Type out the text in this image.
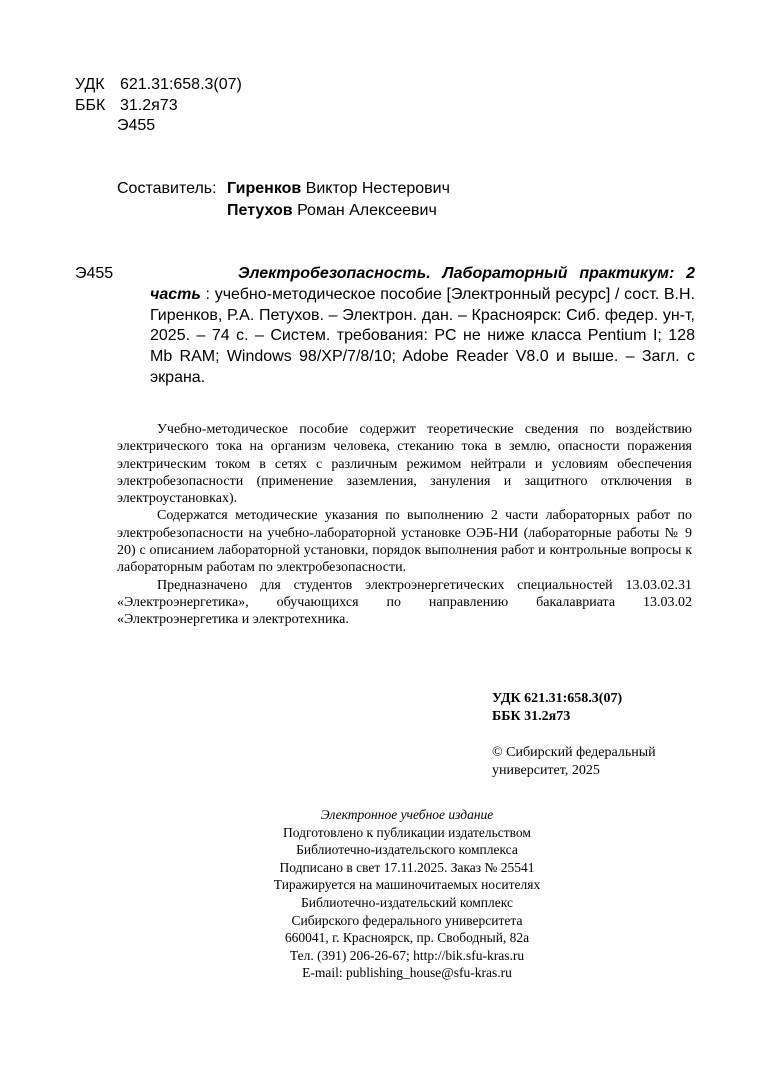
УДК 621.31:658.3(07)
ББК 31.2я73
Э455
Составитель: Гиренков Виктор Нестерович
Петухов Роман Алексеевич
Э455	Электробезопасность. Лабораторный практикум: 2 часть : учебно-методическое пособие [Электронный ресурс] / сост. В.Н. Гиренков, Р.А. Петухов. – Электрон. дан. – Красноярск: Сиб. федер. ун-т, 2025. – 74 с. – Систем. требования: PC не ниже класса Pentium I; 128 Mb RAM; Windows 98/XP/7/8/10; Adobe Reader V8.0 и выше. – Загл. с экрана.

Учебно-методическое пособие содержит теоретические сведения по воздействию электрического тока на организм человека, стеканию тока в землю, опасности поражения электрическим током в сетях с различным режимом нейтрали и условиям обеспечения электробезопасности (применение заземления, зануления и защитного отключения в электроустановках).

Содержатся методические указания по выполнению 2 части лабораторных работ по электробезопасности на учебно-лабораторной установке ОЭБ-НИ (лабораторные работы № 9 20) с описанием лабораторной установки, порядок выполнения работ и контрольные вопросы к лабораторным работам по электробезопасности.

Предназначено для студентов электроэнергетических специальностей 13.03.02.31 «Электроэнергетика», обучающихся по направлению бакалавриата 13.03.02 «Электроэнергетика и электротехника.

УДК 621.31:658.3(07)
ББК 31.2я73
© Сибирский федеральный
университет, 2025
Электронное учебное издание
Подготовлено к публикации издательством
Библиотечно-издательского комплекса
Подписано в свет 17.11.2025. Заказ № 25541
Тиражируется на машиночитаемых носителях
Библиотечно-издательский комплекс
Сибирского федерального университета
660041, г. Красноярск, пр. Свободный, 82а
Тел. (391) 206-26-67; http://bik.sfu-kras.ru
E-mail: publishing_house@sfu-kras.ru
